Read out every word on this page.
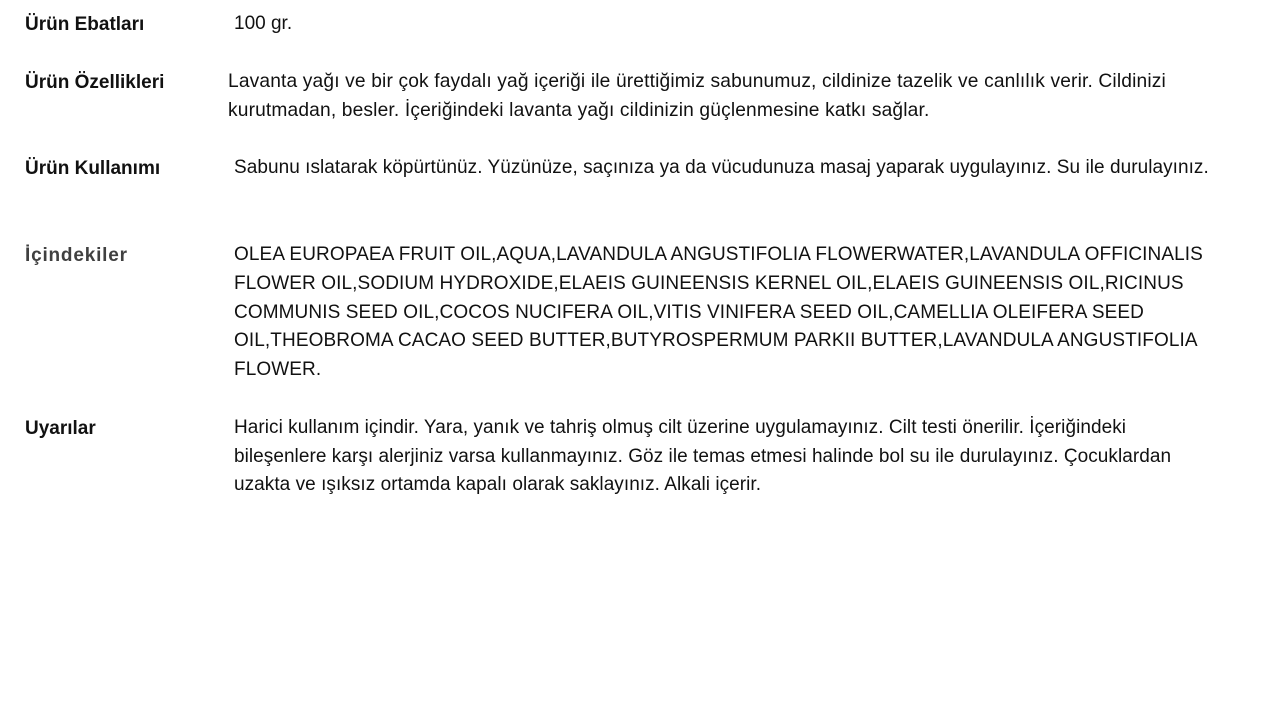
Ürün Ebatları	100 gr.
Ürün Özellikleri	Lavanta yağı ve bir çok faydalı yağ içeriği ile ürettiğimiz sabunumuz, cildinize tazelik ve canlılık verir. Cildinizi kurutmadan, besler. İçeriğindeki lavanta yağı cildinizin güçlenmesine katkı sağlar.
Ürün Kullanımı	Sabunu ıslatarak köpürtünüz. Yüzünüze, saçınıza ya da vücudunuza masaj yaparak uygulayınız. Su ile durulayınız.
İçindekiler	OLEA EUROPAEA FRUIT OIL,AQUA,LAVANDULA ANGUSTIFOLIA FLOWERWATER,LAVANDULA OFFICINALIS FLOWER OIL,SODIUM HYDROXIDE,ELAEIS GUINEENSIS KERNEL OIL,ELAEIS GUINEENSIS OIL,RICINUS COMMUNIS SEED OIL,COCOS NUCIFERA OIL,VITIS VINIFERA SEED OIL,CAMELLIA OLEIFERA SEED OIL,THEOBROMA CACAO SEED BUTTER,BUTYROSPERMUM PARKII BUTTER,LAVANDULA ANGUSTIFOLIA FLOWER.
Uyarılar	Harici kullanım içindir. Yara, yanık ve tahriş olmuş cilt üzerine uygulamayınız. Cilt testi önerilir. İçeriğindeki bileşenlere karşı alerjiniz varsa kullanmayınız. Göz ile temas etmesi halinde bol su ile durulayınız. Çocuklardan uzakta ve ışıksız ortamda kapalı olarak saklayınız. Alkali içerir.
